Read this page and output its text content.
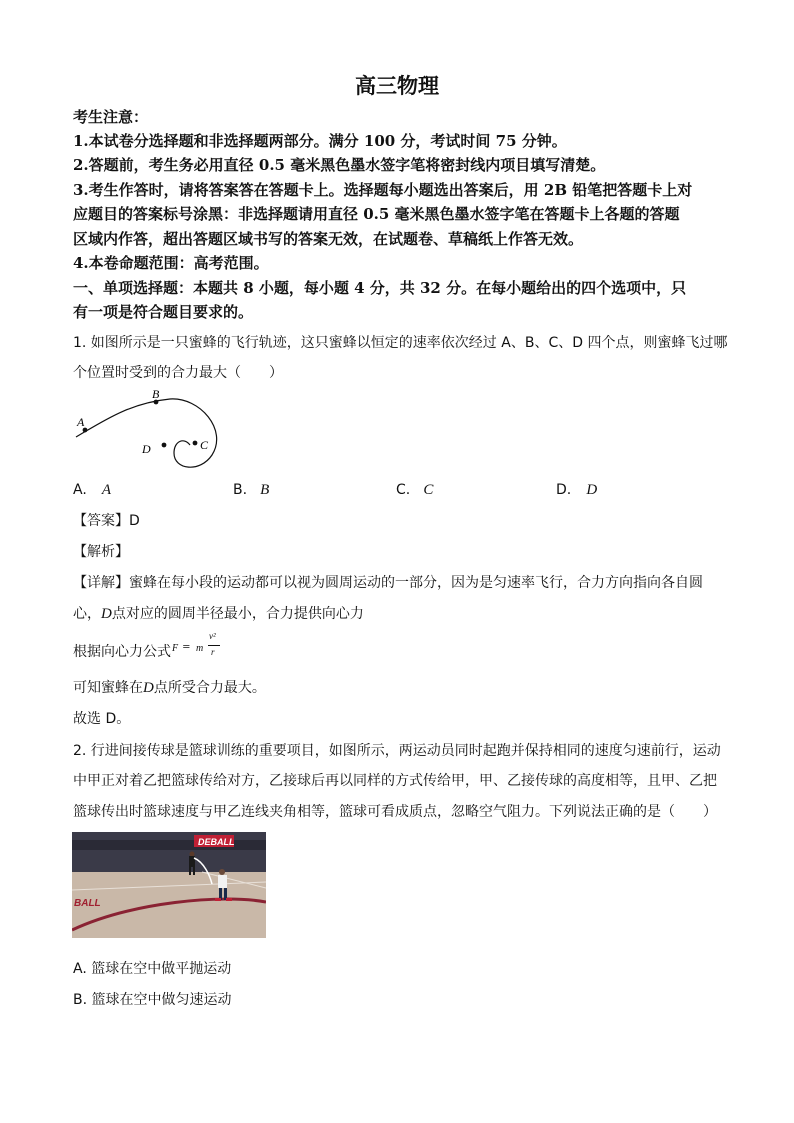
高三物理
考生注意：
1.本试卷分选择题和非选择题两部分。满分 100 分，考试时间 75 分钟。
2.答题前，考生务必用直径 0.5 毫米黑色墨水签字笔将密封线内项目填写清楚。
3.考生作答时，请将答案答在答题卡上。选择题每小题选出答案后，用 2B 铅笔把答题卡上对
应题目的答案标号涂黑：非选择题请用直径 0.5 毫米黑色墨水签字笔在答题卡上各题的答题
区域内作答，超出答题区域书写的答案无效，在试题卷、草稿纸上作答无效。
4.本卷命题范围：高考范围。
一、单项选择题：本题共 8 小题，每小题 4 分，共 32 分。在每小题给出的四个选项中，只
有一项是符合题目要求的。
1. 如图所示是一只蜜蜂的飞行轨迹，这只蜜蜂以恒定的速率依次经过 A、B、C、D 四个点，则蜜蜂飞过哪
个位置时受到的合力最大（　　）
A
B
C
D
A. A	B. B	C. C	D. D
【答案】D
【解析】
【详解】蜜蜂在每小段的运动都可以视为圆周运动的一部分，因为是匀速率飞行，合力方向指向各自圆
心，D点对应的圆周半径最小，合力提供向心力
根据向心力公式 F = m
v²
r
可知蜜蜂在D点所受合力最大。
故选 D。
2. 行进间接传球是篮球训练的重要项目，如图所示，两运动员同时起跑并保持相同的速度匀速前行，运动
中甲正对着乙把篮球传给对方，乙接球后再以同样的方式传给甲，甲、乙接传球的高度相等，且甲、乙把
篮球传出时篮球速度与甲乙连线夹角相等，篮球可看成质点，忽略空气阻力。下列说法正确的是（　　）
DEBALL
BALL
A. 篮球在空中做平抛运动
B. 篮球在空中做匀速运动
